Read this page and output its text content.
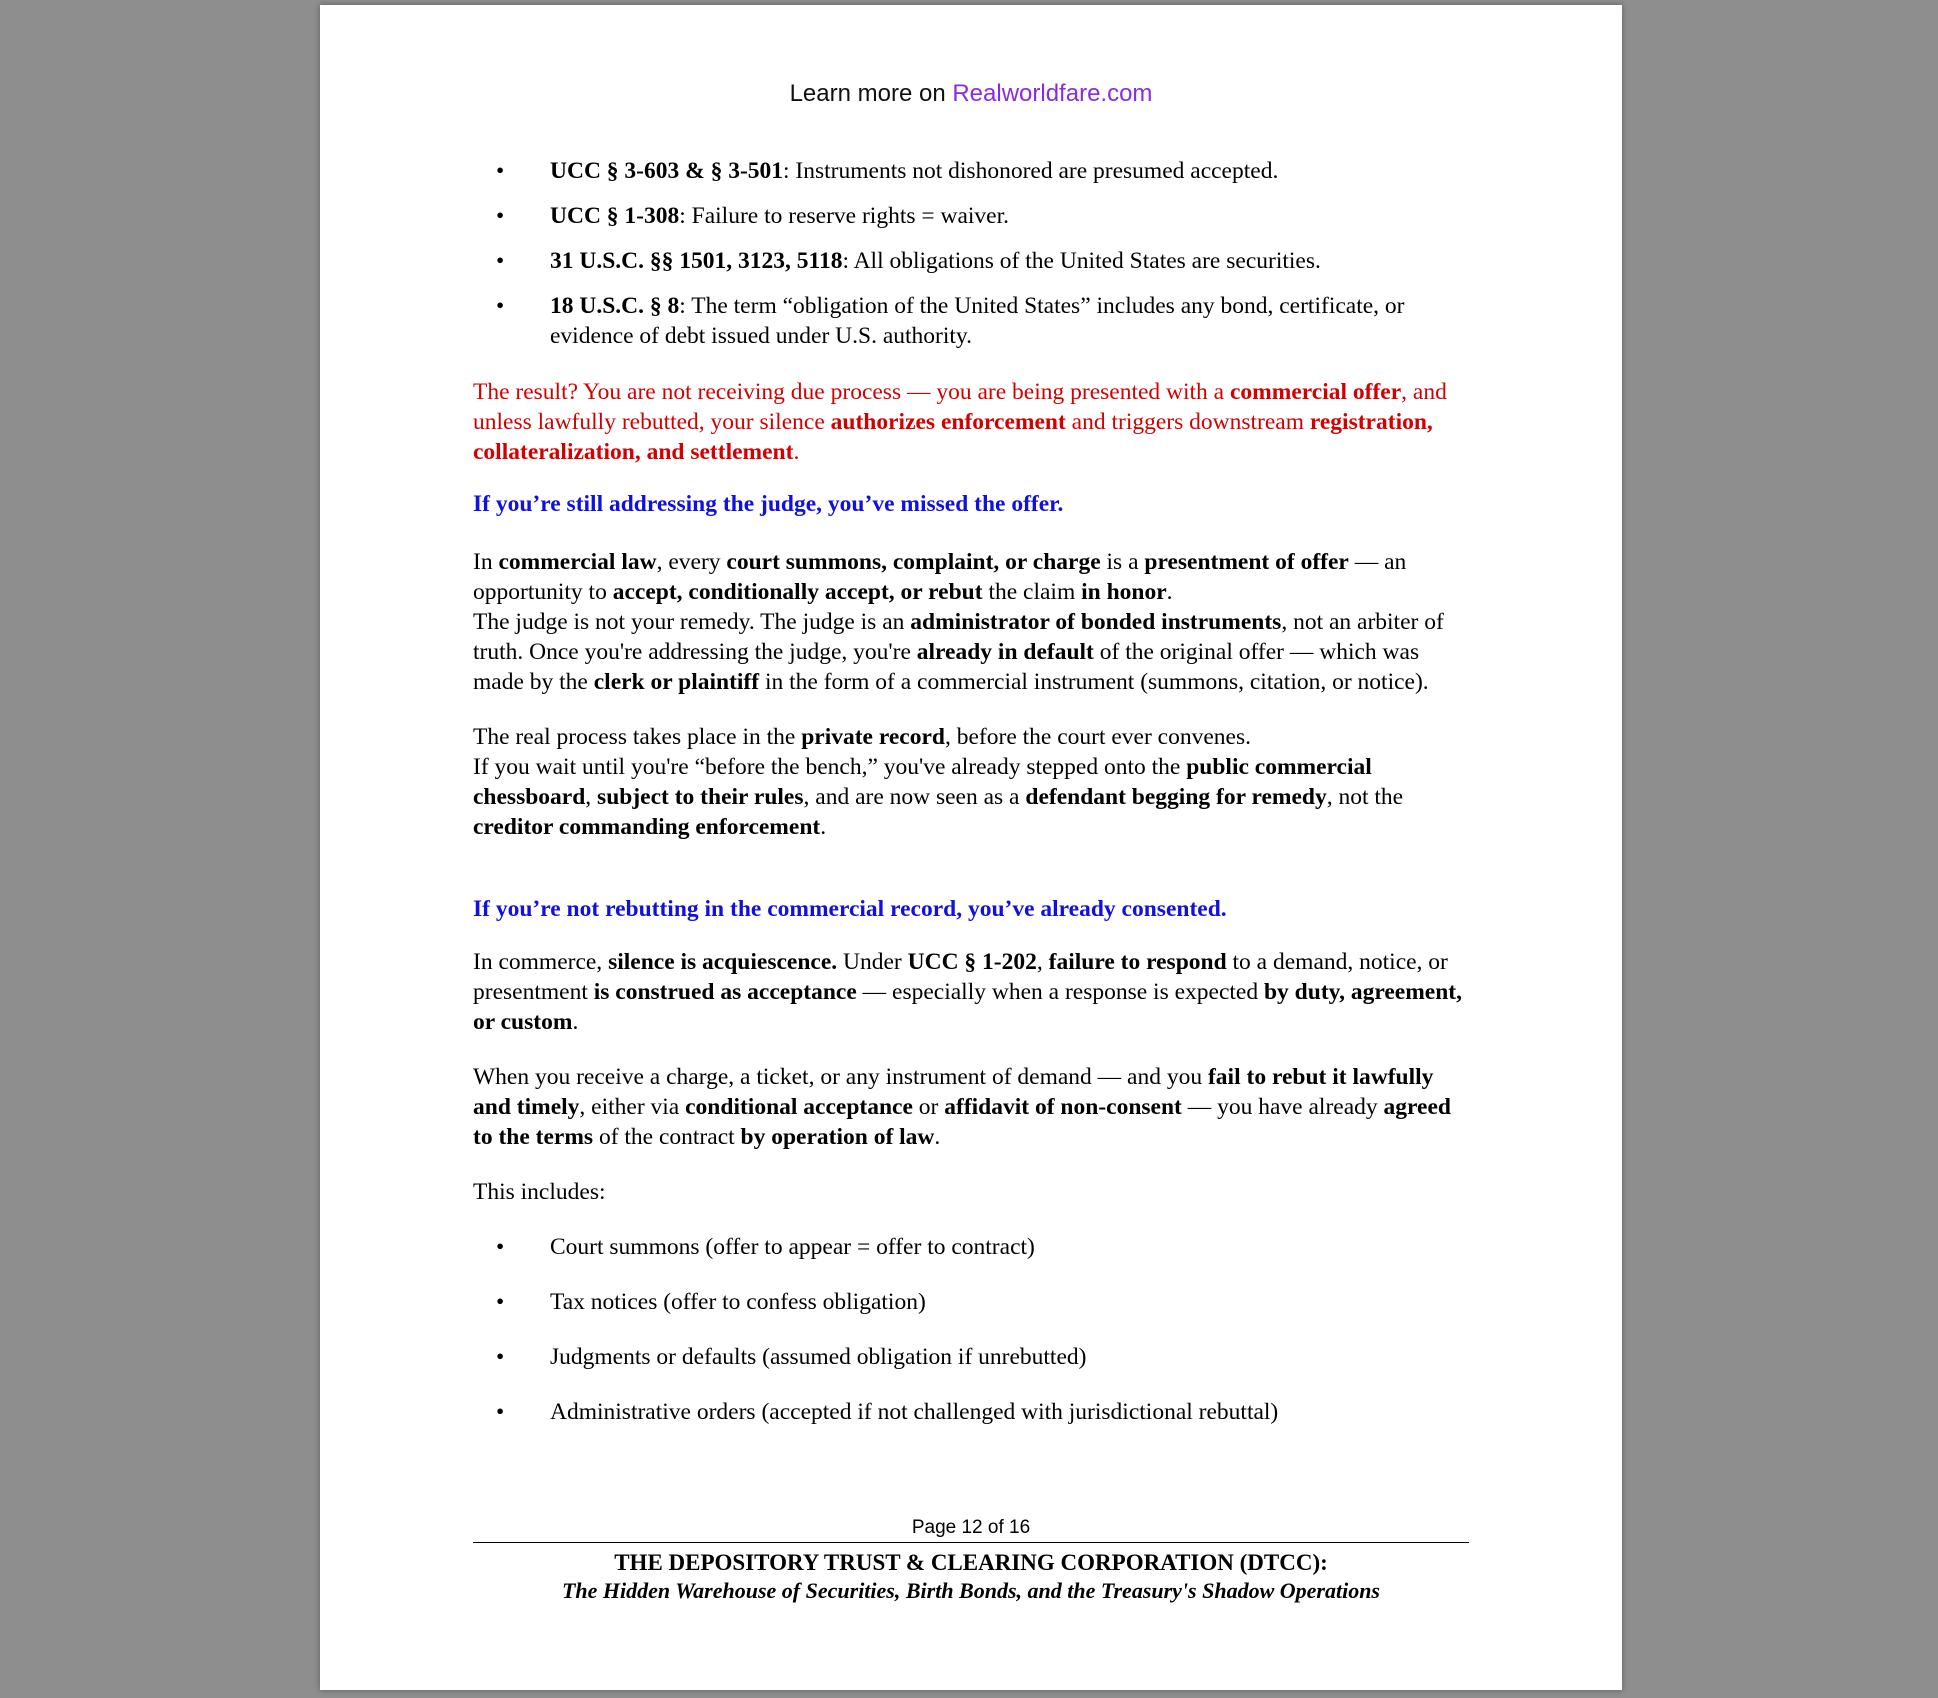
Learn more on Realworldfare.com
• UCC § 3-603 & § 3-501: Instruments not dishonored are presumed accepted.
• UCC § 1-308: Failure to reserve rights = waiver.
• 31 U.S.C. §§ 1501, 3123, 5118: All obligations of the United States are securities.
• 18 U.S.C. § 8: The term “obligation of the United States” includes any bond, certificate, or evidence of debt issued under U.S. authority.

The result? You are not receiving due process — you are being presented with a commercial offer, and unless lawfully rebutted, your silence authorizes enforcement and triggers downstream registration, collateralization, and settlement.

If you’re still addressing the judge, you’ve missed the offer.

In commercial law, every court summons, complaint, or charge is a presentment of offer — an opportunity to accept, conditionally accept, or rebut the claim in honor.
The judge is not your remedy. The judge is an administrator of bonded instruments, not an arbiter of truth. Once you're addressing the judge, you're already in default of the original offer — which was made by the clerk or plaintiff in the form of a commercial instrument (summons, citation, or notice).

The real process takes place in the private record, before the court ever convenes.
If you wait until you're “before the bench,” you've already stepped onto the public commercial chessboard, subject to their rules, and are now seen as a defendant begging for remedy, not the creditor commanding enforcement.

If you’re not rebutting in the commercial record, you’ve already consented.

In commerce, silence is acquiescence. Under UCC § 1-202, failure to respond to a demand, notice, or presentment is construed as acceptance — especially when a response is expected by duty, agreement, or custom.

When you receive a charge, a ticket, or any instrument of demand — and you fail to rebut it lawfully and timely, either via conditional acceptance or affidavit of non-consent — you have already agreed to the terms of the contract by operation of law.

This includes:

• Court summons (offer to appear = offer to contract)
• Tax notices (offer to confess obligation)
• Judgments or defaults (assumed obligation if unrebutted)
• Administrative orders (accepted if not challenged with jurisdictional rebuttal)
Page 12 of 16
THE DEPOSITORY TRUST & CLEARING CORPORATION (DTCC):
The Hidden Warehouse of Securities, Birth Bonds, and the Treasury's Shadow Operations
